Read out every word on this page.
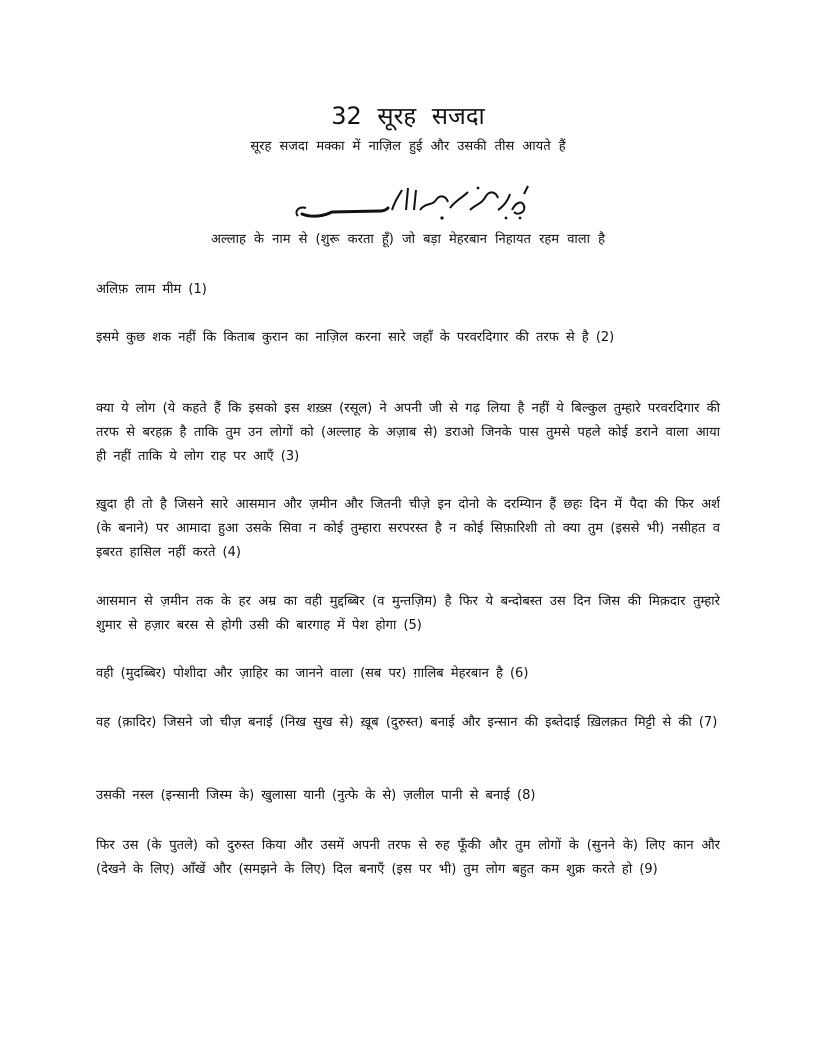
32 सूरह सजदा
सूरह सजदा मक्का में नाज़िल हुई और उसकी तीस आयते हैं
अल्लाह के नाम से (शुरू करता हूँ) जो बड़ा मेहरबान निहायत रहम वाला है

अलिफ़ लाम मीम (1)

इसमे कुछ शक नहीं कि किताब कुरान का नाज़िल करना सारे जहाँ के परवरदिगार की तरफ से है (2)

क्या ये लोग (ये कहते हैं कि इसको इस शख़्स (रसूल) ने अपनी जी से गढ़ लिया है नहीं ये बिल्कुल तुम्हारे परवरदिगार की तरफ से बरहक़ है ताकि तुम उन लोगों को (अल्लाह के अज़ाब से) डराओ जिनके पास तुमसे पहले कोई डराने वाला आया ही नहीं ताकि ये लोग राह पर आएँ (3)

ख़ुदा ही तो है जिसने सारे आसमान और ज़मीन और जितनी चीज़े इन दोनो के दरम्यिान हैं छहः दिन में पैदा की फिर अर्श (के बनाने) पर आमादा हुआ उसके सिवा न कोई तुम्हारा सरपरस्त है न कोई सिफ़ारिशी तो क्या तुम (इससे भी) नसीहत व इबरत हासिल नहीं करते (4)

आसमान से ज़मीन तक के हर अम्र का वही मुद्दब्बिर (व मुन्तज़िम) है फिर ये बन्दोबस्त उस दिन जिस की मिक़दार तुम्हारे शुमार से हज़ार बरस से होगी उसी की बारगाह में पेश होगा (5)

वही (मुदब्बिर) पोशीदा और ज़ाहिर का जानने वाला (सब पर) ग़ालिब मेहरबान है (6)

वह (क़ादिर) जिसने जो चीज़ बनाई (निख सुख से) ख़ूब (दुरुस्त) बनाई और इन्सान की इब्तेदाई ख़िलक़त मिट्टी से की (7)

उसकी नस्ल (इन्सानी जिस्म के) खुलासा यानी (नुत्फे के से) ज़लील पानी से बनाई (8)

फिर उस (के पुतले) को दुरुस्त किया और उसमें अपनी तरफ से रुह फूँकी और तुम लोगों के (सुनने के) लिए कान और (देखने के लिए) आँखें और (समझने के लिए) दिल बनाएँ (इस पर भी) तुम लोग बहुत कम शुक्र करते हो (9)
